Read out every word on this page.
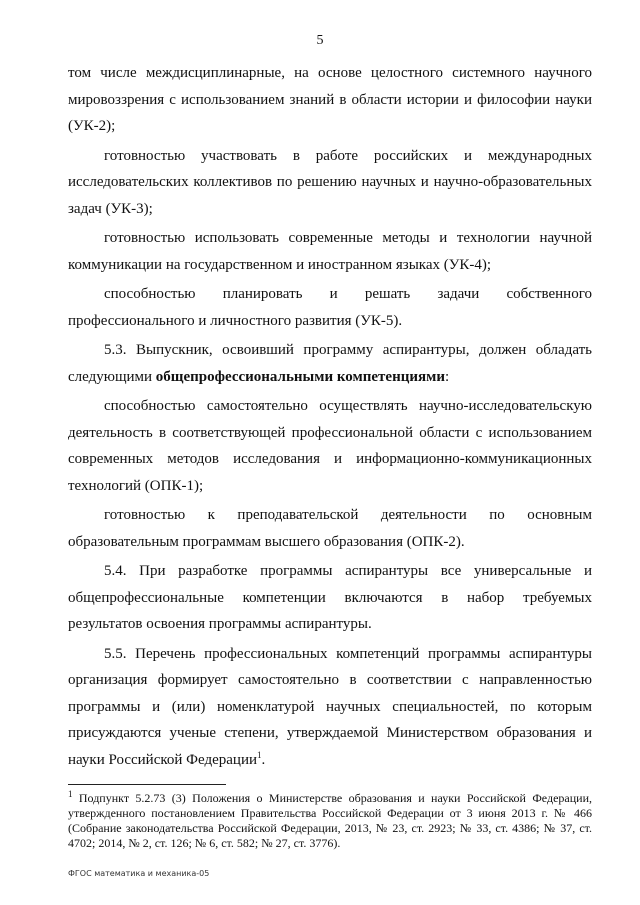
5

том числе междисциплинарные, на основе целостного системного научного мировоззрения с использованием знаний в области истории и философии науки (УК-2);

готовностью участвовать в работе российских и международных исследовательских коллективов по решению научных и научно-образовательных задач (УК-3);

готовностью использовать современные методы и технологии научной коммуникации на государственном и иностранном языках (УК-4);

способностью планировать и решать задачи собственного профессионального и личностного развития (УК-5).

5.3. Выпускник, освоивший программу аспирантуры, должен обладать следующими общепрофессиональными компетенциями:

способностью самостоятельно осуществлять научно-исследовательскую деятельность в соответствующей профессиональной области с использованием современных методов исследования и информационно-коммуникационных технологий (ОПК-1);

готовностью к преподавательской деятельности по основным образовательным программам высшего образования (ОПК-2).

5.4. При разработке программы аспирантуры все универсальные и общепрофессиональные компетенции включаются в набор требуемых результатов освоения программы аспирантуры.

5.5. Перечень профессиональных компетенций программы аспирантуры организация формирует самостоятельно в соответствии с направленностью программы и (или) номенклатурой научных специальностей, по которым присуждаются ученые степени, утверждаемой Министерством образования и науки Российской Федерации$^1$.

$^1$ Подпункт 5.2.73 (3) Положения о Министерстве образования и науки Российской Федерации, утвержденного постановлением Правительства Российской Федерации от 3 июня 2013 г. № 466 (Собрание законодательства Российской Федерации, 2013, № 23, ст. 2923; № 33, ст. 4386; № 37, ст. 4702; 2014, № 2, ст. 126; № 6, ст. 582; № 27, ст. 3776).
ФГОС математика и механика-05
